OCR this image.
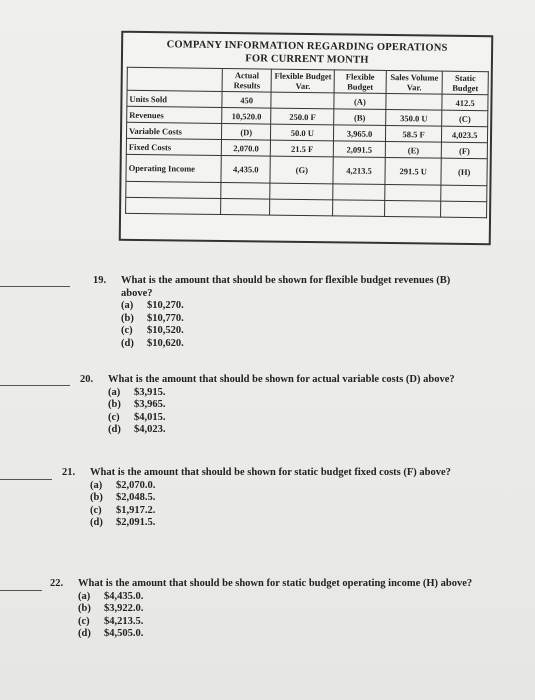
COMPANY INFORMATION REGARDING OPERATIONS
FOR CURRENT MONTH
	Actual Results	Flexible Budget Var.	Flexible Budget	Sales Volume Var.	Static Budget
Units Sold	450		(A)		412.5
Revenues	10,520.0	250.0 F	(B)	350.0 U	(C)
Variable Costs	(D)	50.0 U	3,965.0	58.5 F	4,023.5
Fixed Costs	2,070.0	21.5 F	2,091.5	(E)	(F)
Operating Income	4,435.0	(G)	4,213.5	291.5 U	(H)

19.	What is the amount that should be shown for flexible budget revenues (B) above?
(a)	$10,270.
(b)	$10,770.
(c)	$10,520.
(d)	$10,620.
20.	What is the amount that should be shown for actual variable costs (D) above?
(a)	$3,915.
(b)	$3,965.
(c)	$4,015.
(d)	$4,023.
21.	What is the amount that should be shown for static budget fixed costs (F) above?
(a)	$2,070.0.
(b)	$2,048.5.
(c)	$1,917.2.
(d)	$2,091.5.
22.	What is the amount that should be shown for static budget operating income (H) above?
(a)	$4,435.0.
(b)	$3,922.0.
(c)	$4,213.5.
(d)	$4,505.0.
